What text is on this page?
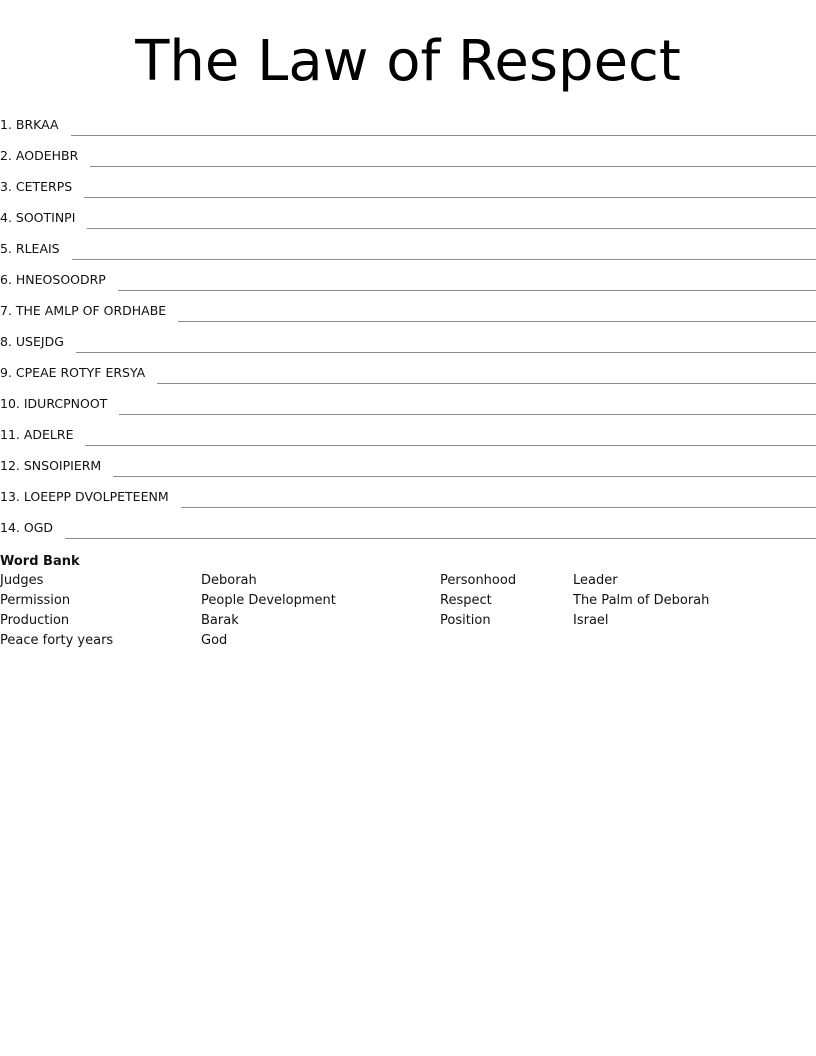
The Law of Respect
1. BRKAA
2. AODEHBR
3. CETERPS
4. SOOTINPI
5. RLEAIS
6. HNEOSOODRP
7. THE AMLP OF ORDHABE
8. USEJDG
9. CPEAE ROTYF ERSYA
10. IDURCPNOOT
11. ADELRE
12. SNSOIPIERM
13. LOEEPP DVOLPETEENM
14. OGD
Word Bank
Judges
Permission
Production
Peace forty years
Deborah
People Development
Barak
God
Personhood
Respect
Position
Leader
The Palm of Deborah
Israel
